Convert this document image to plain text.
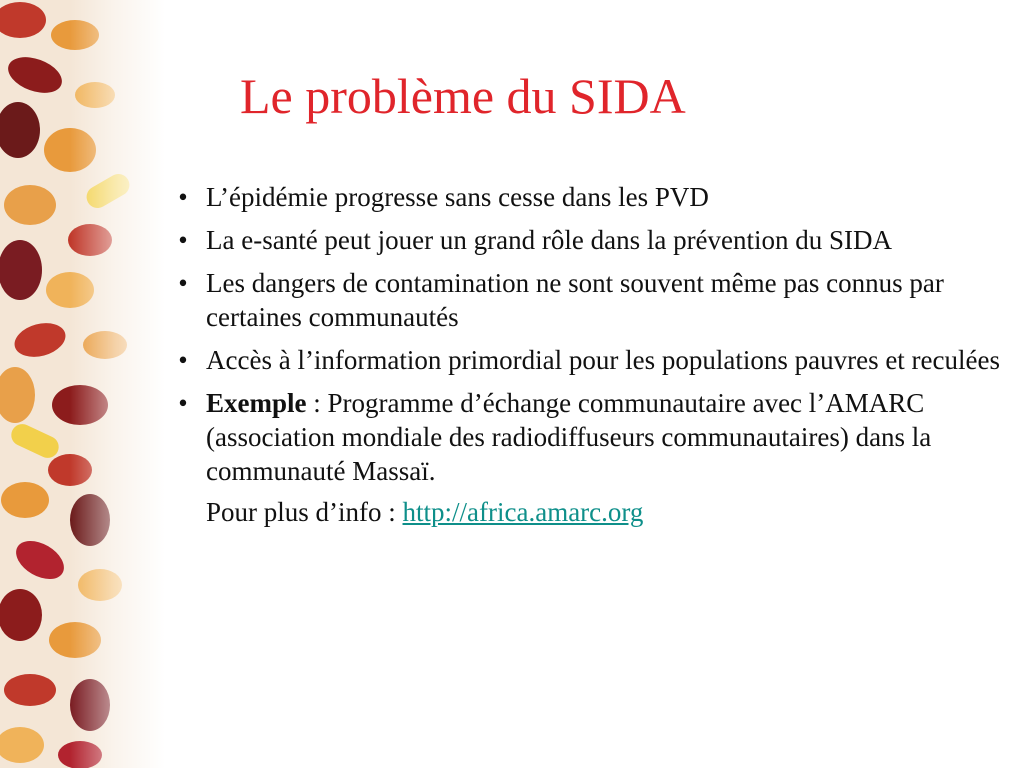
Le problème du SIDA
• L’épidémie progresse sans cesse dans les PVD
• La e-santé peut jouer un grand rôle dans la prévention du SIDA
• Les dangers de contamination ne sont souvent même pas connus par certaines communautés
• Accès à l’information primordial pour les populations pauvres et reculées
• Exemple : Programme d’échange communautaire avec l’AMARC (association mondiale des radiodiffuseurs communautaires) dans la communauté Massaï.
Pour plus d’info : http://africa.amarc.org
